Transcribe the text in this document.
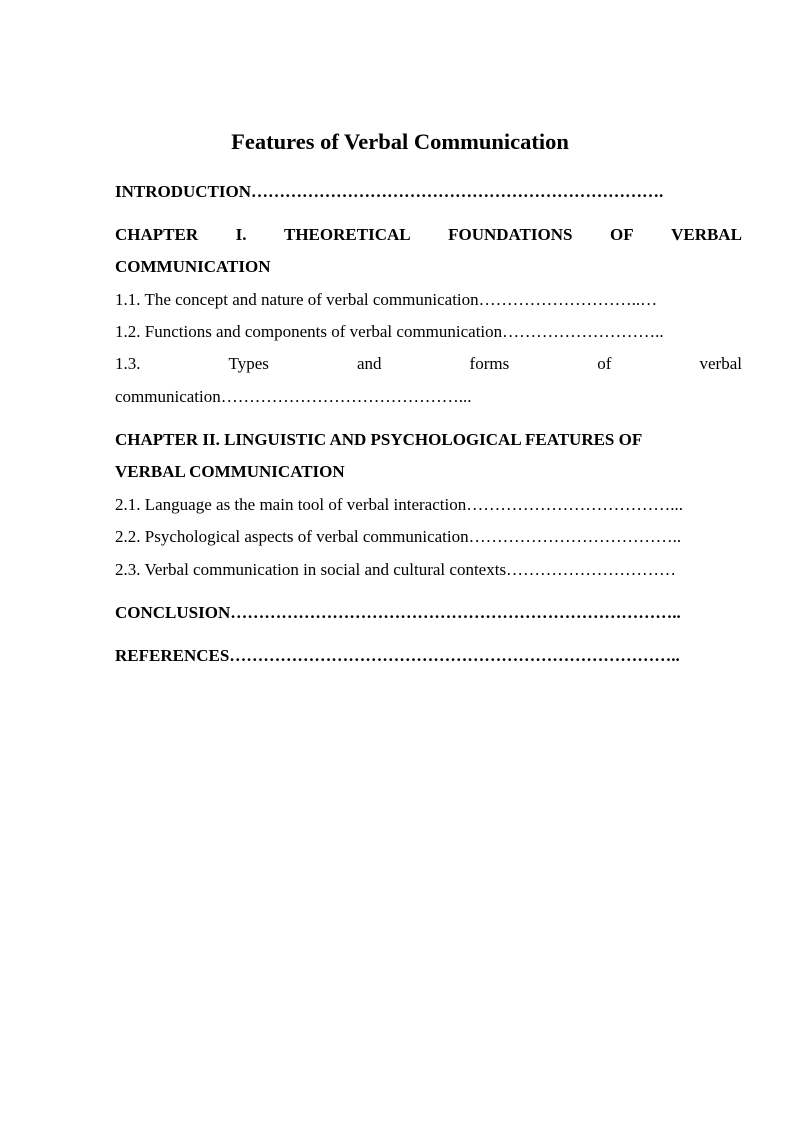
Features of Verbal Communication
INTRODUCTION……………………………………………………………….
CHAPTER I. THEORETICAL FOUNDATIONS OF VERBAL
COMMUNICATION
1.1. The concept and nature of verbal communication………………………..…
1.2. Functions and components of verbal communication………………………..
1.3.	Types	and	forms	of	verbal
communication……………………………………...
CHAPTER II. LINGUISTIC AND PSYCHOLOGICAL FEATURES OF
VERBAL COMMUNICATION
2.1. Language as the main tool of verbal interaction………………………………...
2.2. Psychological aspects of verbal communication………………………………..
2.3. Verbal communication in social and cultural contexts…………………………
CONCLUSION……………………………………………………………………..
REFERENCES……………………………………………………………………..
